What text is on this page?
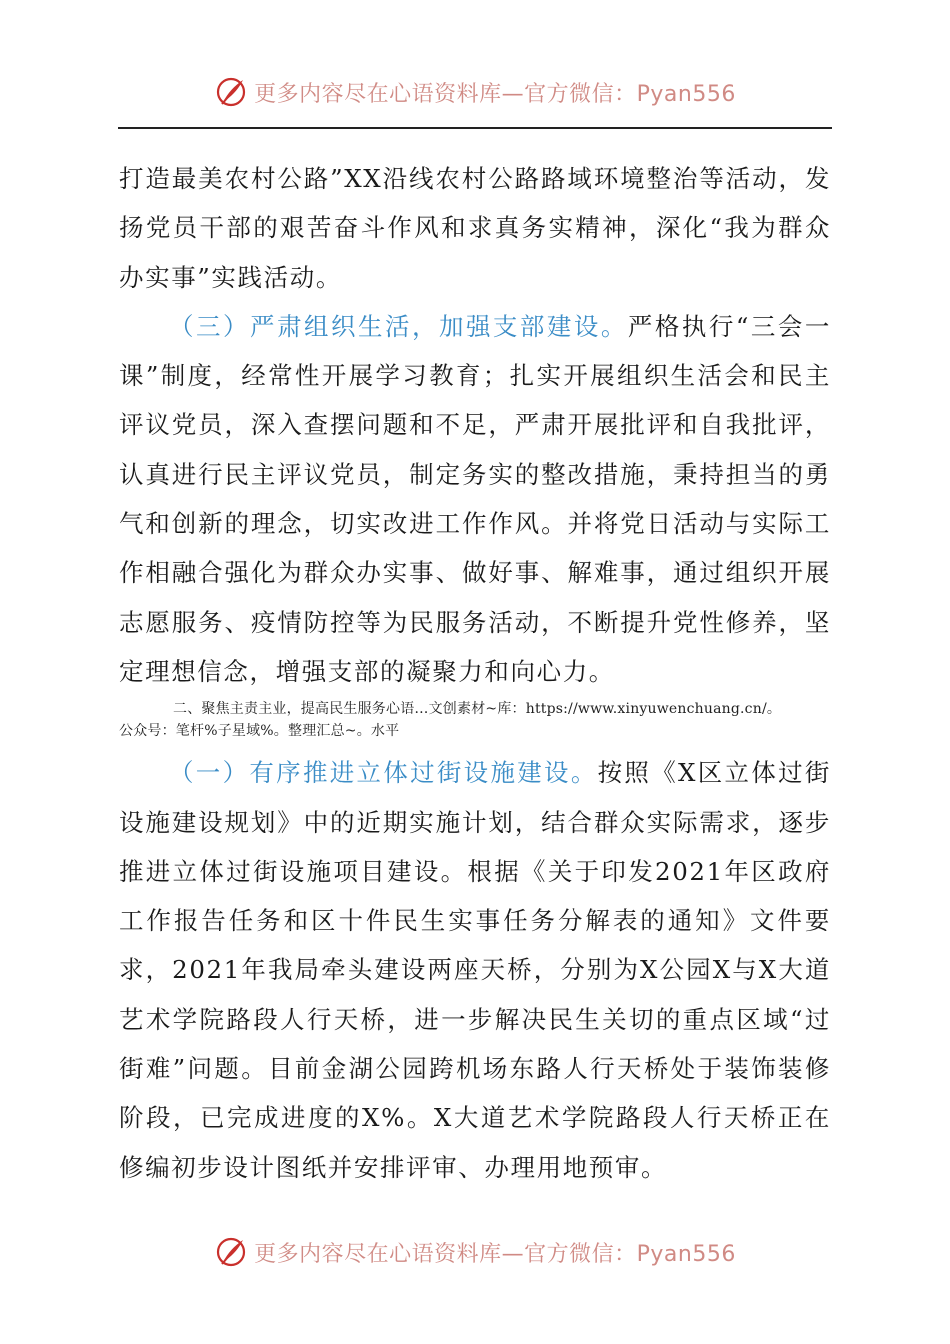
更多内容尽在心语资料库—官方微信：Pyan556

打造最美农村公路”XX沿线农村公路路域环境整治等活动，发扬党员干部的艰苦奋斗作风和求真务实精神，深化“我为群众办实事”实践活动。

（三）严肃组织生活，加强支部建设。严格执行“三会一课”制度，经常性开展学习教育；扎实开展组织生活会和民主评议党员，深入查摆问题和不足，严肃开展批评和自我批评，认真进行民主评议党员，制定务实的整改措施，秉持担当的勇气和创新的理念，切实改进工作作风。并将党日活动与实际工作相融合强化为群众办实事、做好事、解难事，通过组织开展志愿服务、疫情防控等为民服务活动，不断提升党性修养，坚定理想信念，增强支部的凝聚力和向心力。

二、聚焦主责主业，提高民生服务心语…文创素材~库：https://www.xinyuwenchuang.cn/。
公众号：笔杆%子星域%。整理汇总~。水平

（一）有序推进立体过街设施建设。按照《X区立体过街设施建设规划》中的近期实施计划，结合群众实际需求，逐步推进立体过街设施项目建设。根据《关于印发2021年区政府工作报告任务和区十件民生实事任务分解表的通知》文件要求，2021年我局牵头建设两座天桥，分别为X公园X与X大道艺术学院路段人行天桥，进一步解决民生关切的重点区域“过街难”问题。目前金湖公园跨机场东路人行天桥处于装饰装修阶段，已完成进度的X%。X大道艺术学院路段人行天桥正在修编初步设计图纸并安排评审、办理用地预审。

更多内容尽在心语资料库—官方微信：Pyan556
